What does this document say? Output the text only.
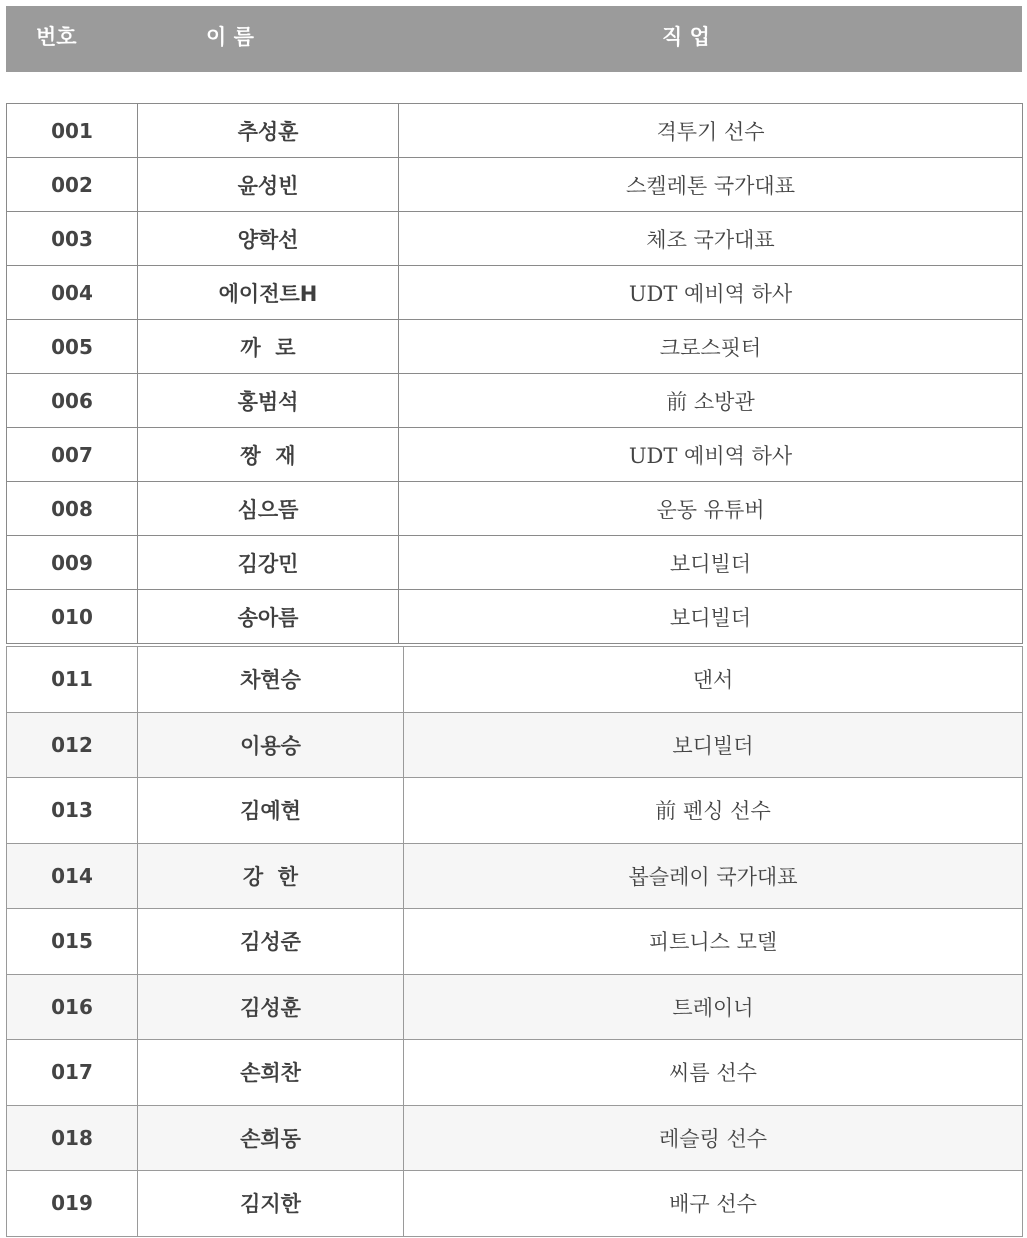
번호	이 름	직 업
001	추성훈	격투기 선수
002	윤성빈	스켈레톤 국가대표
003	양학선	체조 국가대표
004	에이전트H	UDT 예비역 하사
005	까  로	크로스핏터
006	홍범석	前 소방관
007	짱  재	UDT 예비역 하사
008	심으뜸	운동 유튜버
009	김강민	보디빌더
010	송아름	보디빌더
011	차현승	댄서
012	이용승	보디빌더
013	김예현	前 펜싱 선수
014	강  한	봅슬레이 국가대표
015	김성준	피트니스 모델
016	김성훈	트레이너
017	손희찬	씨름 선수
018	손희동	레슬링 선수
019	김지한	배구 선수
